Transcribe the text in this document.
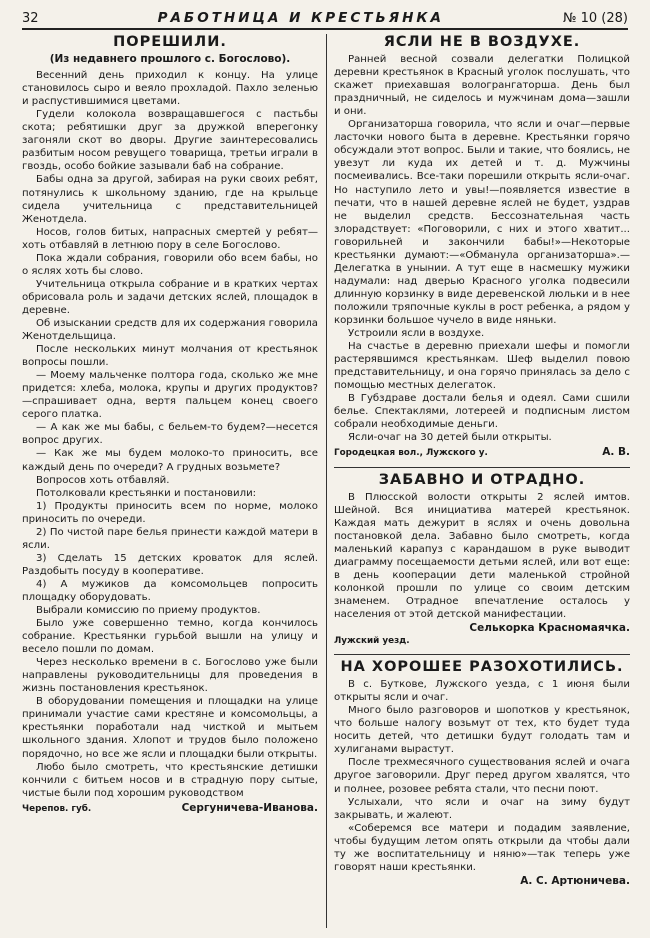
32	РАБОТНИЦА И КРЕСТЬЯНКА	№ 10 (28)
ПОРЕШИЛИ.
(Из недавнего прошлого с. Богослово).

Весенний день приходил к концу. На улице становилось сыро и веяло прохладой. Пахло зеленью и распустившимися цветами.

Гудели колокола возвращавшегося с пастьбы скота; ребятишки друг за дружкой вперегонку загоняли скот во дворы. Другие заинтересовались разбитым носом ревущего товарища, третьи играли в гвоздь, особо бойкие зазывали баб на собрание.

Бабы одна за другой, забирая на руки своих ребят, потянулись к школьному зданию, где на крыльце сидела учительница с представительницей Женотдела.

Носов, голов битых, напрасных смертей у ребят—хоть отбавляй в летнюю пору в селе Богослово.

Пока ждали собрания, говорили обо всем бабы, но о яслях хоть бы слово.

Учительница открыла собрание и в кратких чертах обрисовала роль и задачи детских яслей, площадок в деревне.

Об изыскании средств для их содержания говорила Женотдельщица.

После нескольких минут молчания от крестьянок вопросы пошли.

— Моему мальченке полтора года, сколько же мне придется: хлеба, молока, крупы и других продуктов?—спрашивает одна, вертя пальцем конец своего серого платка.

— А как же мы бабы, с бельем-то будем?—несется вопрос других.

— Как же мы будем молоко-то приносить, все каждый день по очереди? А грудных возьмете?

Вопросов хоть отбавляй.

Потолковали крестьянки и постановили:

1) Продукты приносить всем по норме, молоко приносить по очереди.

2) По чистой паре белья принести каждой матери в ясли.

3) Сделать 15 детских кроваток для яслей. Раздобыть посуду в кооперативе.

4) А мужиков да комсомольцев попросить площадку оборудовать.

Выбрали комиссию по приему продуктов.

Было уже совершенно темно, когда кончилось собрание. Крестьянки гурьбой вышли на улицу и весело пошли по домам.

Через несколько времени в с. Богослово уже были направлены руководительницы для проведения в жизнь постановления крестьянок.

В оборудовании помещения и площадки на улице принимали участие сами крестяне и комсомольцы, а крестьянки поработали над чисткой и мытьем школьного здания. Хлопот и трудов было положено порядочно, но все же ясли и площадки были открыты.

Любо было смотреть, что крестьянские детишки кончили с битьем носов и в страдную пору сытые, чистые были под хорошим руководством

Черепов. губ.	Сергуничева-Иванова.
ЯСЛИ НЕ В ВОЗДУХЕ.

Ранней весной созвали делегатки Полицкой деревни крестьянок в Красный уголок послушать, что скажет приехавшая вологрангаторша. День был праздничный, не сиделось и мужчинам дома—зашли и они.

Организаторша говорила, что ясли и очаг—первые ласточки нового быта в деревне. Крестьянки горячо обсуждали этот вопрос. Были и такие, что боялись, не увезут ли куда их детей и т. д. Мужчины посмеивались. Все-таки порешили открыть ясли-очаг. Но наступило лето и увы!—появляется известие в печати, что в нашей деревне яслей не будет, уздрав не выделил средств. Бессознательная часть злорадствует: «Поговорили, с них и этого хватит... говорильней и закончили бабы!»—Некоторые крестьянки думают:—«Обманула организаторша».—Делегатка в унынии. А тут еще в насмешку мужики надумали: над дверью Красного уголка подвесили длинную корзинку в виде деревенской люльки и в нее положили тряпочные куклы в рост ребенка, а рядом у корзинки большое чучело в виде няньки.

Устроили ясли в воздухе.

На счастье в деревню приехали шефы и помогли растерявшимся крестьянкам. Шеф выделил повою представительницу, и она горячо принялась за дело с помощью местных делегаток.

В Губздраве достали белья и одеял. Сами сшили белье. Спектаклями, лотереей и подписным листом собрали необходимые деньги.

Ясли-очаг на 30 детей были открыты.

Городецкая вол., Лужского у.	А. В.
ЗАБАВНО И ОТРАДНО.

В Плюсской волости открыты 2 яслей имтов. Шейной. Вся инициатива матерей крестьянок. Каждая мать дежурит в яслях и очень довольна постановкой дела. Забавно было смотреть, когда маленький карапуз с карандашом в руке выводит диаграмму посещаемости детьми яслей, или вот еще: в день кооперации дети маленькой стройной колонкой прошли по улице со своим детским знаменем. Отрадное впечатление осталось у населения от этой детской манифестации.

Селькорка Красномаячка.
Лужский уезд.
НА ХОРОШЕЕ РАЗОХОТИЛИСЬ.

В с. Буткове, Лужского уезда, с 1 июня были открыты ясли и очаг.

Много было разговоров и шопотков у крестьянок, что больше налогу возьмут от тех, кто будет туда носить детей, что детишки будут голодать там и хулиганами вырастут.

После трехмесячного существования яслей и очага другое заговорили. Друг перед другом хвалятся, что и полнее, розовее ребята стали, что песни поют.

Услыхали, что ясли и очаг на зиму будут закрывать, и жалеют.

«Соберемся все матери и подадим заявление, чтобы будущим летом опять открыли да чтобы дали ту же воспитательницу и няню»—так теперь уже говорят наши крестьянки.

А. С. Артюничева.
